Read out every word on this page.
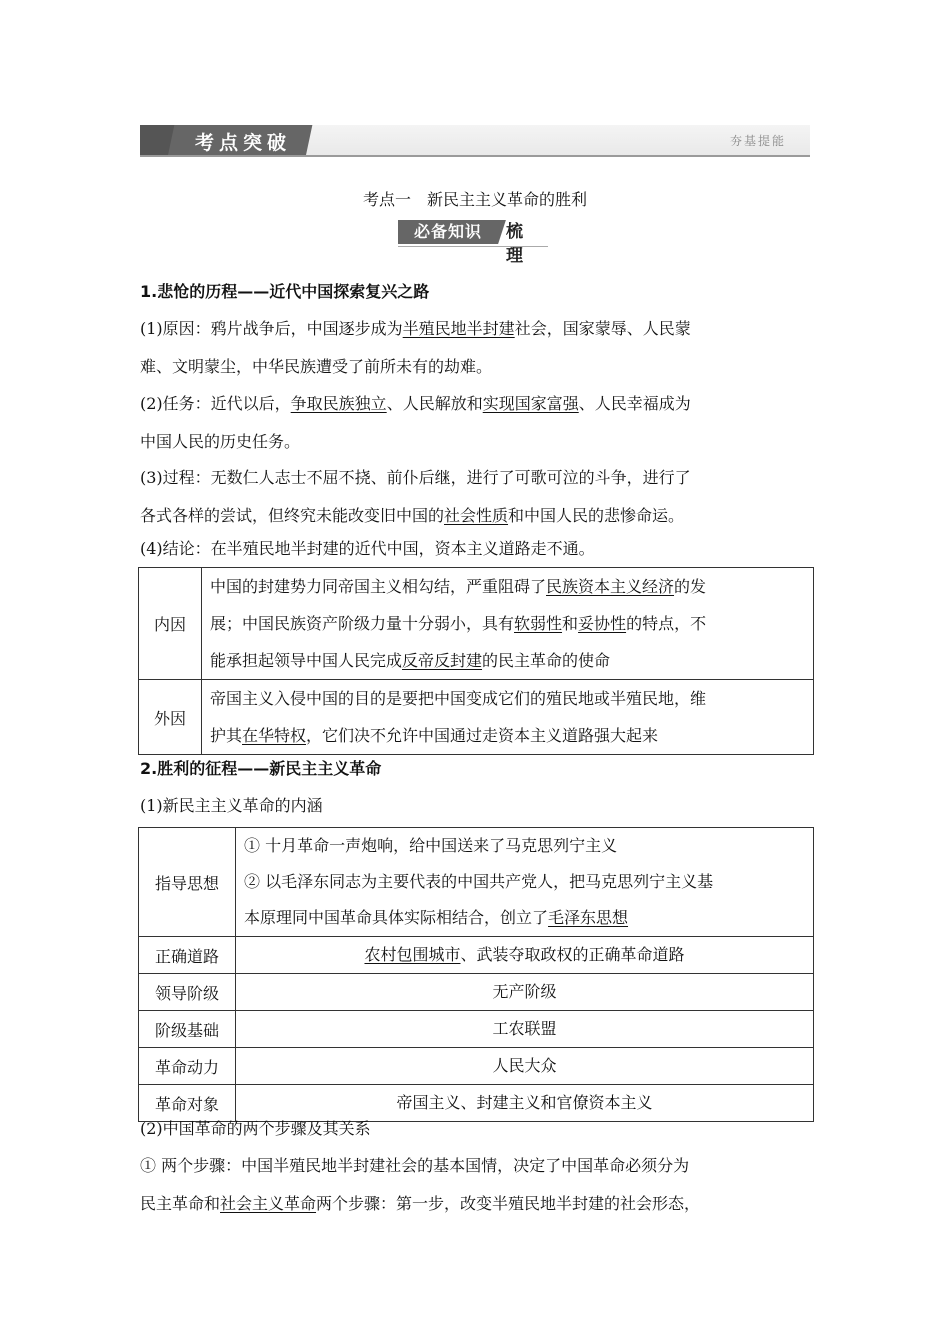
考点突破	夯基提能
考点一　新民主主义革命的胜利
必备知识	梳理
1.悲怆的历程——近代中国探索复兴之路
(1)原因：鸦片战争后，中国逐步成为半殖民地半封建社会，国家蒙辱、人民蒙
难、文明蒙尘，中华民族遭受了前所未有的劫难。
(2)任务：近代以后，争取民族独立、人民解放和实现国家富强、人民幸福成为
中国人民的历史任务。
(3)过程：无数仁人志士不屈不挠、前仆后继，进行了可歌可泣的斗争，进行了
各式各样的尝试，但终究未能改变旧中国的社会性质和中国人民的悲惨命运。
(4)结论：在半殖民地半封建的近代中国，资本主义道路走不通。
内因	中国的封建势力同帝国主义相勾结，严重阻碍了民族资本主义经济的发
展；中国民族资产阶级力量十分弱小，具有软弱性和妥协性的特点，不
能承担起领导中国人民完成反帝反封建的民主革命的使命

外因	帝国主义入侵中国的目的是要把中国变成它们的殖民地或半殖民地，维
护其在华特权，它们决不允许中国通过走资本主义道路强大起来
2.胜利的征程——新民主主义革命
(1)新民主主义革命的内涵
指导思想	① 十月革命一声炮响，给中国送来了马克思列宁主义
② 以毛泽东同志为主要代表的中国共产党人，把马克思列宁主义基
本原理同中国革命具体实际相结合，创立了毛泽东思想

正确道路	农村包围城市、武装夺取政权的正确革命道路
领导阶级	无产阶级
阶级基础	工农联盟
革命动力	人民大众
革命对象	帝国主义、封建主义和官僚资本主义
(2)中国革命的两个步骤及其关系
① 两个步骤：中国半殖民地半封建社会的基本国情，决定了中国革命必须分为
民主革命和社会主义革命两个步骤：第一步，改变半殖民地半封建的社会形态，
